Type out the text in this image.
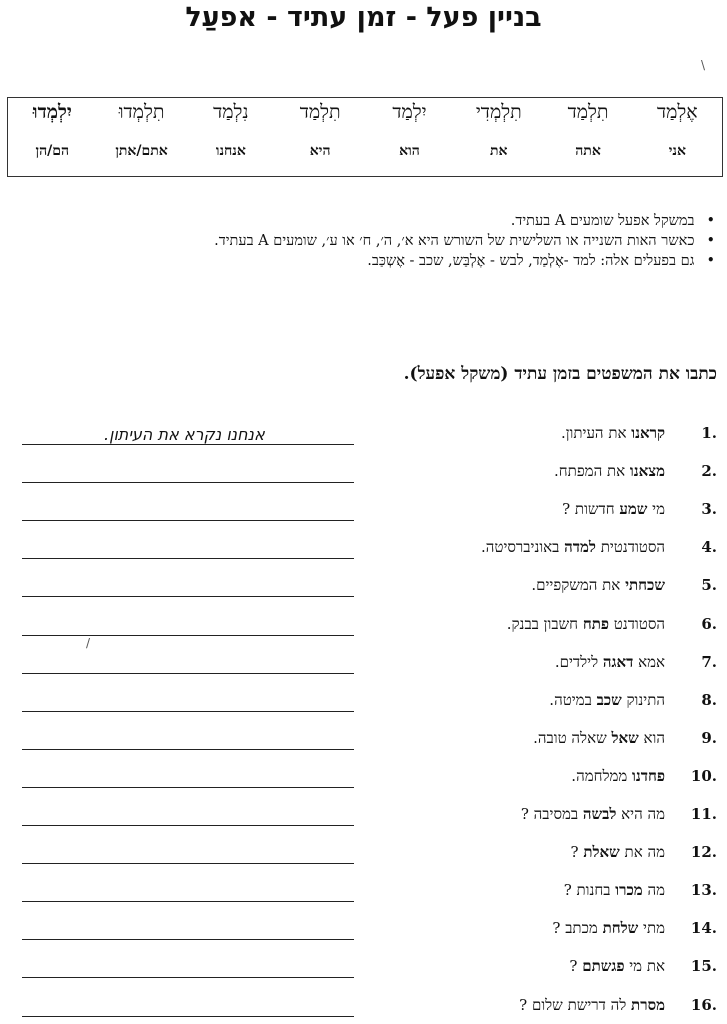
בניין פעל - זמן עתיד - אפעַל
אֶלְמַד
תִלְמַד
תִלְמְדִי
יִלְמַד
תִלְמַד
נִלְמַד
תִלְמְדוּ
יִלְמְדוּ
אני
אתה
את
הוא
היא
אנחנו
אתם/אתן
הם/הן
• במשקל אפעל שומעים A בעתיד.
• כאשר האות השנייה או השלישית של השורש היא א׳, ה׳, ח׳ או ע׳, שומעים A בעתיד.
• גם בפעלים אלה: למד -אֶלְמַד, לבש - אֶלְבַּש, שכב - אֶשְכַּב.
כתבו את המשפטים בזמן עתיד (משקל אפעל).
אנחנו נקרא את העיתון.	.1
קראנו את העיתון.
.2
מצאנו את המפתח.
.3
מי שמע חדשות ?
.4
הסטודנטית למדה באוניברסיטה.
.5
שכחתי את המשקפיים.
.6
הסטודנט פתח חשבון בבנק.
.7
אמא דאגה לילדים.
.8
התינוק שכב במיטה.
.9
הוא שאל שאלה טובה.
.10
פחדנו ממלחמה.
.11
מה היא לבשה במסיבה ?
.12
מה את שאלת ?
.13
מה מכרו בחנות ?
.14
מתי שלחת מכתב ?
.15
את מי פגשתם ?
.16
מסרת לה דרישת שלום ?
\
/
